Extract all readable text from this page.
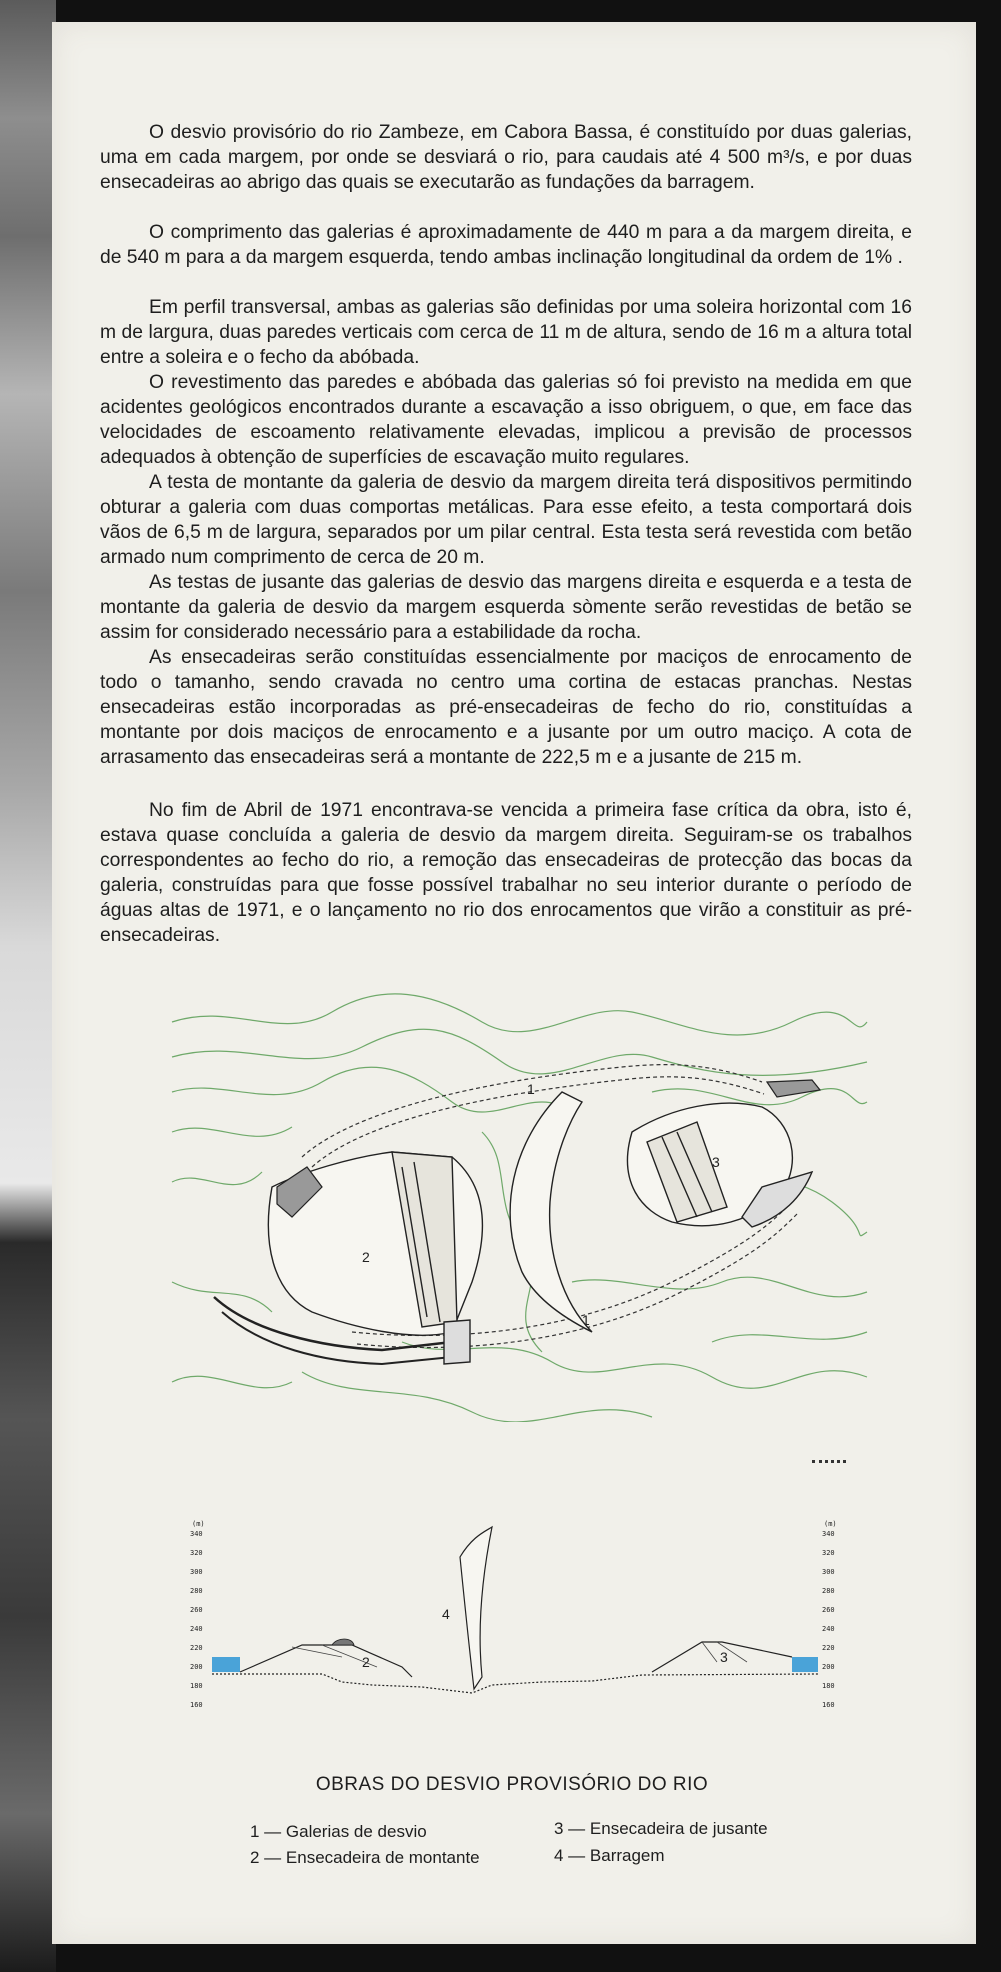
O desvio provisório do rio Zambeze, em Cabora Bassa, é constituído por duas galerias, uma em cada margem, por onde se desviará o rio, para caudais até 4 500 m³/s, e por duas ensecadeiras ao abrigo das quais se executarão as fundações da barragem.

O comprimento das galerias é aproximadamente de 440 m para a da margem direita, e de 540 m para a da margem esquerda, tendo ambas inclinação longitudinal da ordem de 1% .

Em perfil transversal, ambas as galerias são definidas por uma soleira horizontal com 16 m de largura, duas paredes verticais com cerca de 11 m de altura, sendo de 16 m a altura total entre a soleira e o fecho da abóbada.

O revestimento das paredes e abóbada das galerias só foi previsto na medida em que acidentes geológicos encontrados durante a escavação a isso obriguem, o que, em face das velocidades de escoamento relativamente elevadas, implicou a previsão de processos adequados à obtenção de superfícies de escavação muito regulares.

A testa de montante da galeria de desvio da margem direita terá dispositivos permitindo obturar a galeria com duas comportas metálicas. Para esse efeito, a testa comportará dois vãos de 6,5 m de largura, separados por um pilar central. Esta testa será revestida com betão armado num comprimento de cerca de 20 m.

As testas de jusante das galerias de desvio das margens direita e esquerda e a testa de montante da galeria de desvio da margem esquerda sòmente serão revestidas de betão se assim for considerado necessário para a estabilidade da rocha.

As ensecadeiras serão constituídas essencialmente por maciços de enrocamento de todo o tamanho, sendo cravada no centro uma cortina de estacas pranchas. Nestas ensecadeiras estão incorporadas as pré-ensecadeiras de fecho do rio, constituídas a montante por dois maciços de enrocamento e a jusante por um outro maciço. A cota de arrasamento das ensecadeiras será a montante de 222,5 m e a jusante de 215 m.

No fim de Abril de 1971 encontrava-se vencida a primeira fase crítica da obra, isto é, estava quase concluída a galeria de desvio da margem direita. Seguiram-se os trabalhos correspondentes ao fecho do rio, a remoção das ensecadeiras de protecção das bocas da galeria, construídas para que fosse possível trabalhar no seu interior durante o período de águas altas de 1971, e o lançamento no rio dos enrocamentos que virão a constituir as pré-ensecadeiras.

1
1
2
3
(m)
340
320
300
280
260
240
220
200
180
160
(m)
340
320
300
280
260
240
220
200
180
160
2
4
3
OBRAS DO DESVIO PROVISÓRIO DO RIO
1 — Galerias de desvio
2 — Ensecadeira de montante
3 — Ensecadeira de jusante
4 — Barragem
